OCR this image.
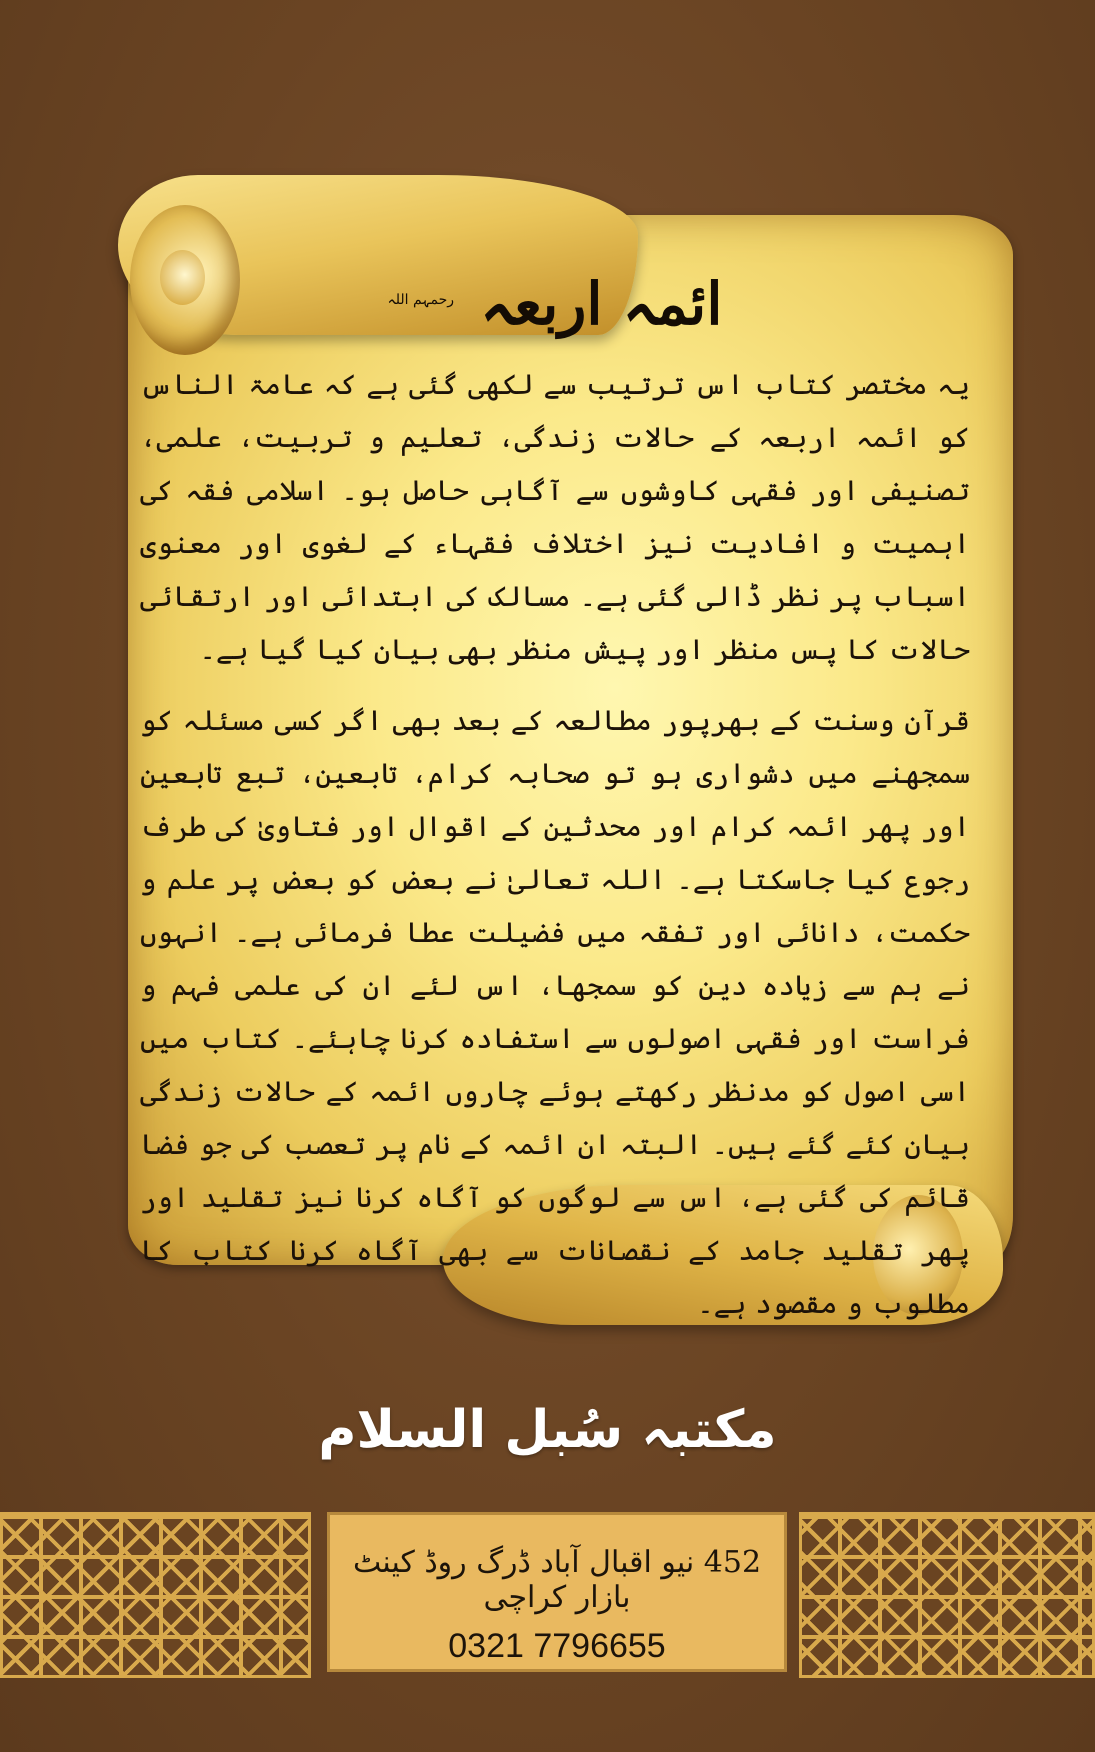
ائمہ اربعہ $^{رحمہم اللہ}$

یہ مختصر کتاب اس ترتیب سے لکھی گئی ہے کہ عامۃ الناس کو ائمہ اربعہ کے حالات زندگی، تعلیم و تربیت، علمی، تصنیفی اور فقہی کاوشوں سے آگاہی حاصل ہو۔ اسلامی فقہ کی اہمیت و افادیت نیز اختلاف فقہاء کے لغوی اور معنوی اسباب پر نظر ڈالی گئی ہے۔ مسالک کی ابتدائی اور ارتقائی حالات کا پس منظر اور پیش منظر بھی بیان کیا گیا ہے۔

قرآن وسنت کے بھرپور مطالعہ کے بعد بھی اگر کسی مسئلہ کو سمجھنے میں دشواری ہو تو صحابہ کرام، تابعین، تبع تابعین اور پھر ائمہ کرام اور محدثین کے اقوال اور فتاویٰ کی طرف رجوع کیا جاسکتا ہے۔ اللہ تعالیٰ نے بعض کو بعض پر علم و حکمت، دانائی اور تفقہ میں فضیلت عطا فرمائی ہے۔ انہوں نے ہم سے زیادہ دین کو سمجھا، اس لئے ان کی علمی فہم و فراست اور فقہی اصولوں سے استفادہ کرنا چاہئے۔ کتاب میں اسی اصول کو مدنظر رکھتے ہوئے چاروں ائمہ کے حالات زندگی بیان کئے گئے ہیں۔ البتہ ان ائمہ کے نام پر تعصب کی جو فضا قائم کی گئی ہے، اس سے لوگوں کو آگاہ کرنا نیز تقلید اور پھر تقلید جامد کے نقصانات سے بھی آگاہ کرنا کتاب کا مطلوب و مقصود ہے۔

مکتبہ سُبل السلام
452 نیو اقبال آباد ڈرگ روڈ کینٹ بازار کراچی
0321 7796655
